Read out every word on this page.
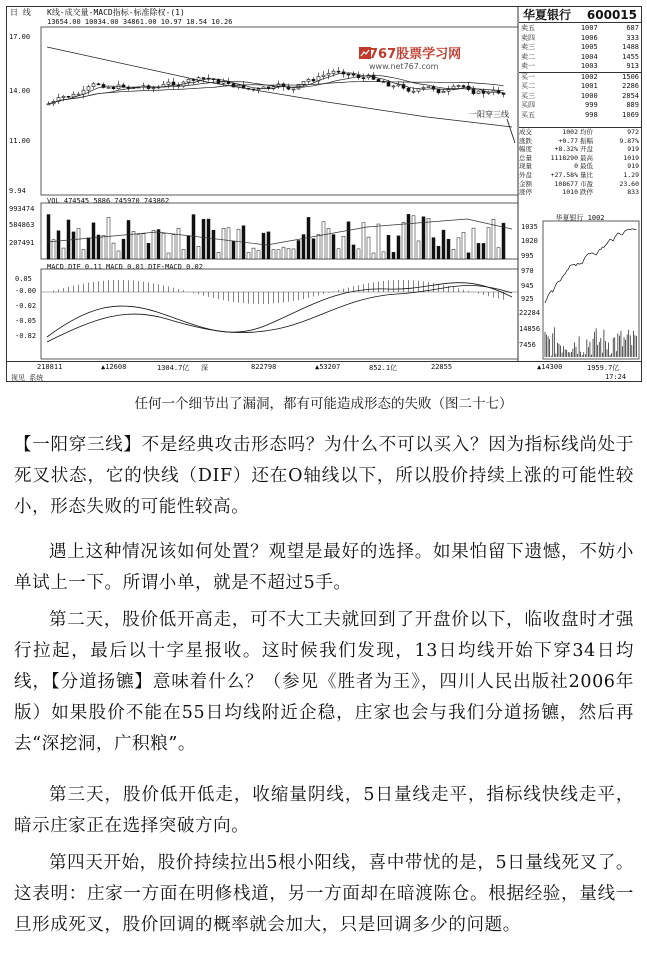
日 线 K线-成交量-MACD指标-标准除权-(1)
13654.00 10034.00 34861.00 10.97 18.54 10.26
17.00
14.00
11.00
9.94
VOL 474545 5886 745970 743862
993474
584863
207491
MACD DIF 0.11 MACD 0.01 DIF-MACD 0.02
0.05
-0.00
-0.02
-0.05
-0.82
767股票学习网
www.net767.com
一阳穿三线
华夏银行 600015
卖五	1007	687
卖四	1006	333
卖三	1005	1488
卖二	1004	1455
卖一	1003	913
买一	1002	1506
买二	1001	2286
买三	1000	2854
买四	999	889
买五	998	1069
成交	1002 均价	972
涨跌	+0.77 振幅	9.87%
幅度	+8.32% 开盘	919
总量	1118290 最高	1019
现量	0 最低	919
外盘	+27.58% 量比	1.29
金额	108677 市盈	23.60
涨停	1010 跌停	833
华夏银行 1002
1035
1020
995
970
945
925
22284
14856
7456
218811	▲12608	1304.7亿 深	822798	▲53207	852.1亿	22855	▲14300	1959.7亿
视见 系统	17:24
任何一个细节出了漏洞，都有可能造成形态的失败（图二十七）

【一阳穿三线】不是经典攻击形态吗？为什么不可以买入？因为指标线尚处于死叉状态，它的快线（DIF）还在O轴线以下，所以股价持续上涨的可能性较小，形态失败的可能性较高。

遇上这种情况该如何处置？观望是最好的选择。如果怕留下遗憾，不妨小单试上一下。所谓小单，就是不超过5手。

第二天，股价低开高走，可不大工夫就回到了开盘价以下，临收盘时才强行拉起，最后以十字星报收。这时候我们发现，13日均线开始下穿34日均线，【分道扬镳】意味着什么？（参见《胜者为王》，四川人民出版社2006年版）如果股价不能在55日均线附近企稳，庄家也会与我们分道扬镳，然后再去“深挖洞，广积粮”。

第三天，股价低开低走，收缩量阴线，5日量线走平，指标线快线走平，暗示庄家正在选择突破方向。

第四天开始，股价持续拉出5根小阳线，喜中带忧的是，5日量线死叉了。这表明：庄家一方面在明修栈道，另一方面却在暗渡陈仓。根据经验，量线一旦形成死叉，股价回调的概率就会加大，只是回调多少的问题。
